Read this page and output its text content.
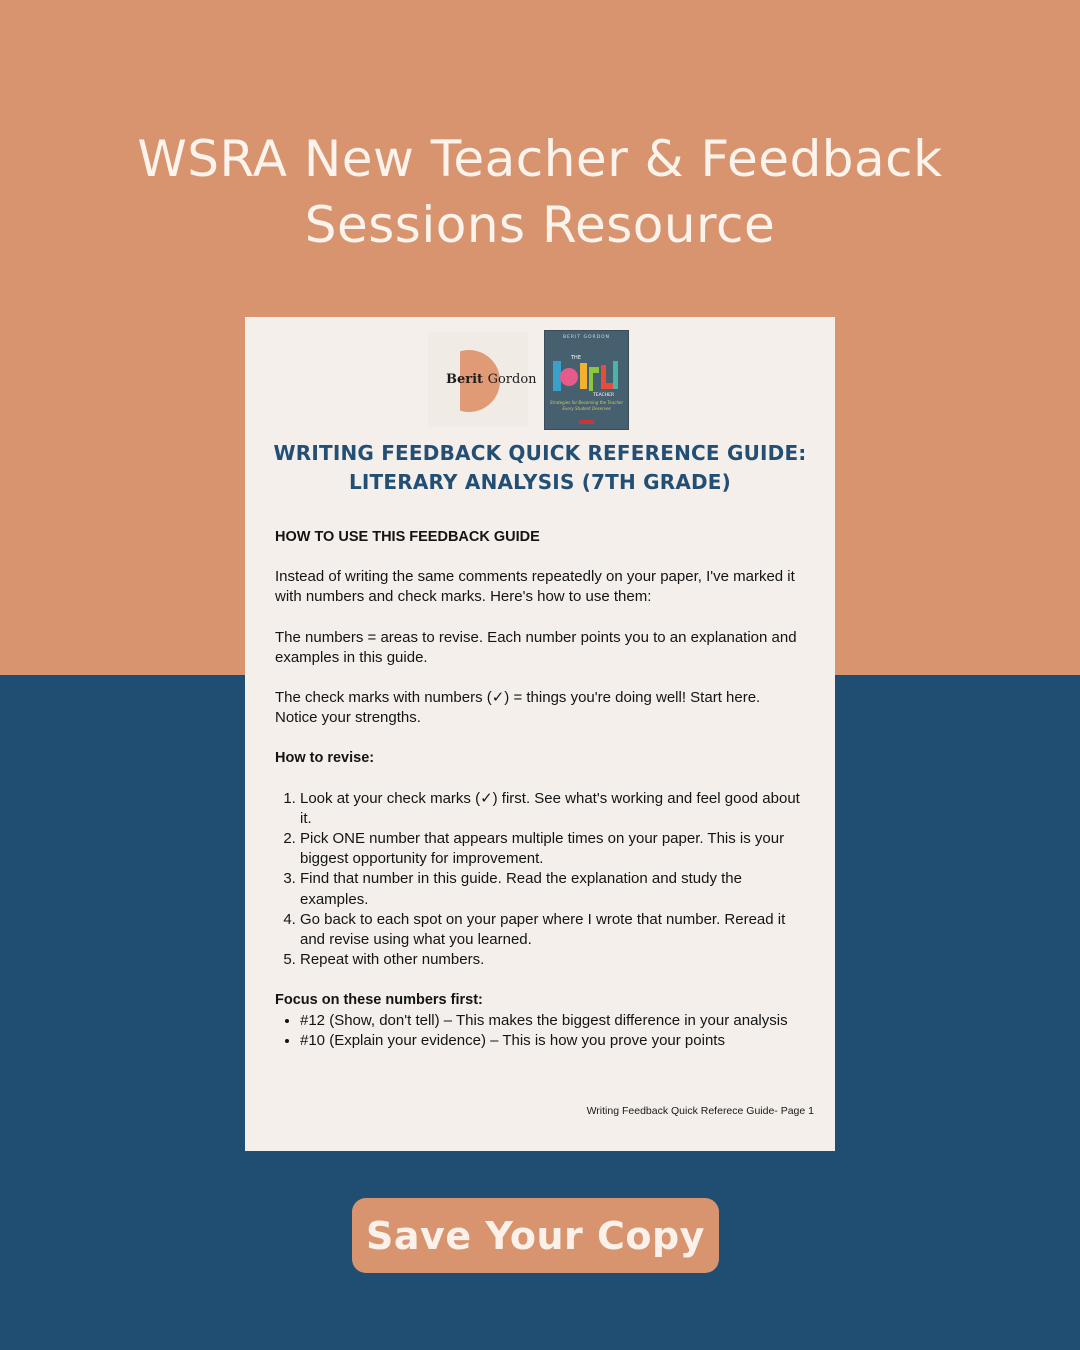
WSRA New Teacher & Feedback
Sessions Resource
Berit Gordon
BERIT GORDON
THE
TEACHER
Strategies for Becoming the Teacher Every Student Deserves
WRITING FEEDBACK QUICK REFERENCE GUIDE:
LITERARY ANALYSIS (7TH GRADE)

HOW TO USE THIS FEEDBACK GUIDE

Instead of writing the same comments repeatedly on your paper, I've marked it with numbers and check marks. Here's how to use them:

The numbers = areas to revise. Each number points you to an explanation and examples in this guide.

The check marks with numbers (✓) = things you're doing well! Start here. Notice your strengths.

How to revise:

1. Look at your check marks (✓) first. See what's working and feel good about it.
2. Pick ONE number that appears multiple times on your paper. This is your biggest opportunity for improvement.
3. Find that number in this guide. Read the explanation and study the examples.
4. Go back to each spot on your paper where I wrote that number. Reread it and revise using what you learned.
5. Repeat with other numbers.

Focus on these numbers first:

• #12 (Show, don't tell) – This makes the biggest difference in your analysis
• #10 (Explain your evidence) – This is how you prove your points
Writing Feedback Quick Referece Guide- Page 1
Save Your Copy
